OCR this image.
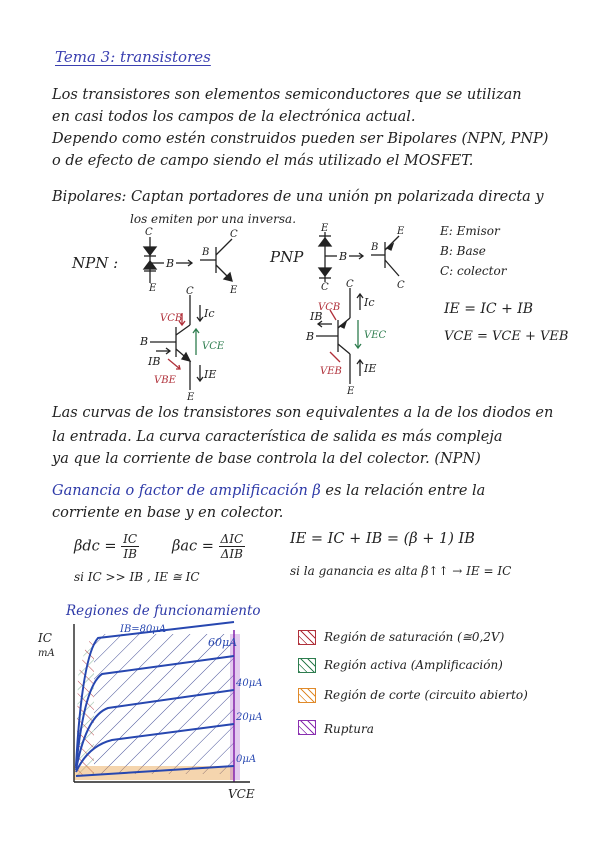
Tema 3: transistores
Los transistores son elementos semiconductores que se utilizan
en casi todos los campos de la electrónica actual.
Dependo como estén construidos pueden ser Bipolares (NPN, PNP)
o de efecto de campo siendo el más utilizado el MOSFET.
Bipolares: Captan portadores de una unión pn polarizada directa y
los emiten por una inversa.
NPN :	PNP
C
B
E
B
C
E
E
B
C
B
E
C
E: Emisor
B: Base
C: colector
C
B
E
Ic
IE
IB
VCB
VCE
VBE
C
B
E
Ic
IE
IB
VCB
VEC
VEB
IE = IC + IB
VCE = VCE + VEB
Las curvas de los transistores son equivalentes a la de los diodos en
la entrada. La curva característica de salida es más compleja
ya que la corriente de base controla la del colector. (NPN)
Ganancia o factor de amplificación β es la relación entre la
corriente en base y en colector.
$\beta dc = \frac{IC}{IB}$ $\beta ac = \frac{\text{ΔIC}}{\text{ΔIB}}$	IE = IC + IB = (β + 1) IB
si IC >> IB , IE ≅ IC	si la ganancia es alta β↑↑ → IE = IC
Regiones de funcionamiento
IC
mA
VCE
IB=80μA
60μA
40μA
20μA
0μA
Región de saturación (≅0,2V)
Región activa (Amplificación)
Región de corte (circuito abierto)
Ruptura
